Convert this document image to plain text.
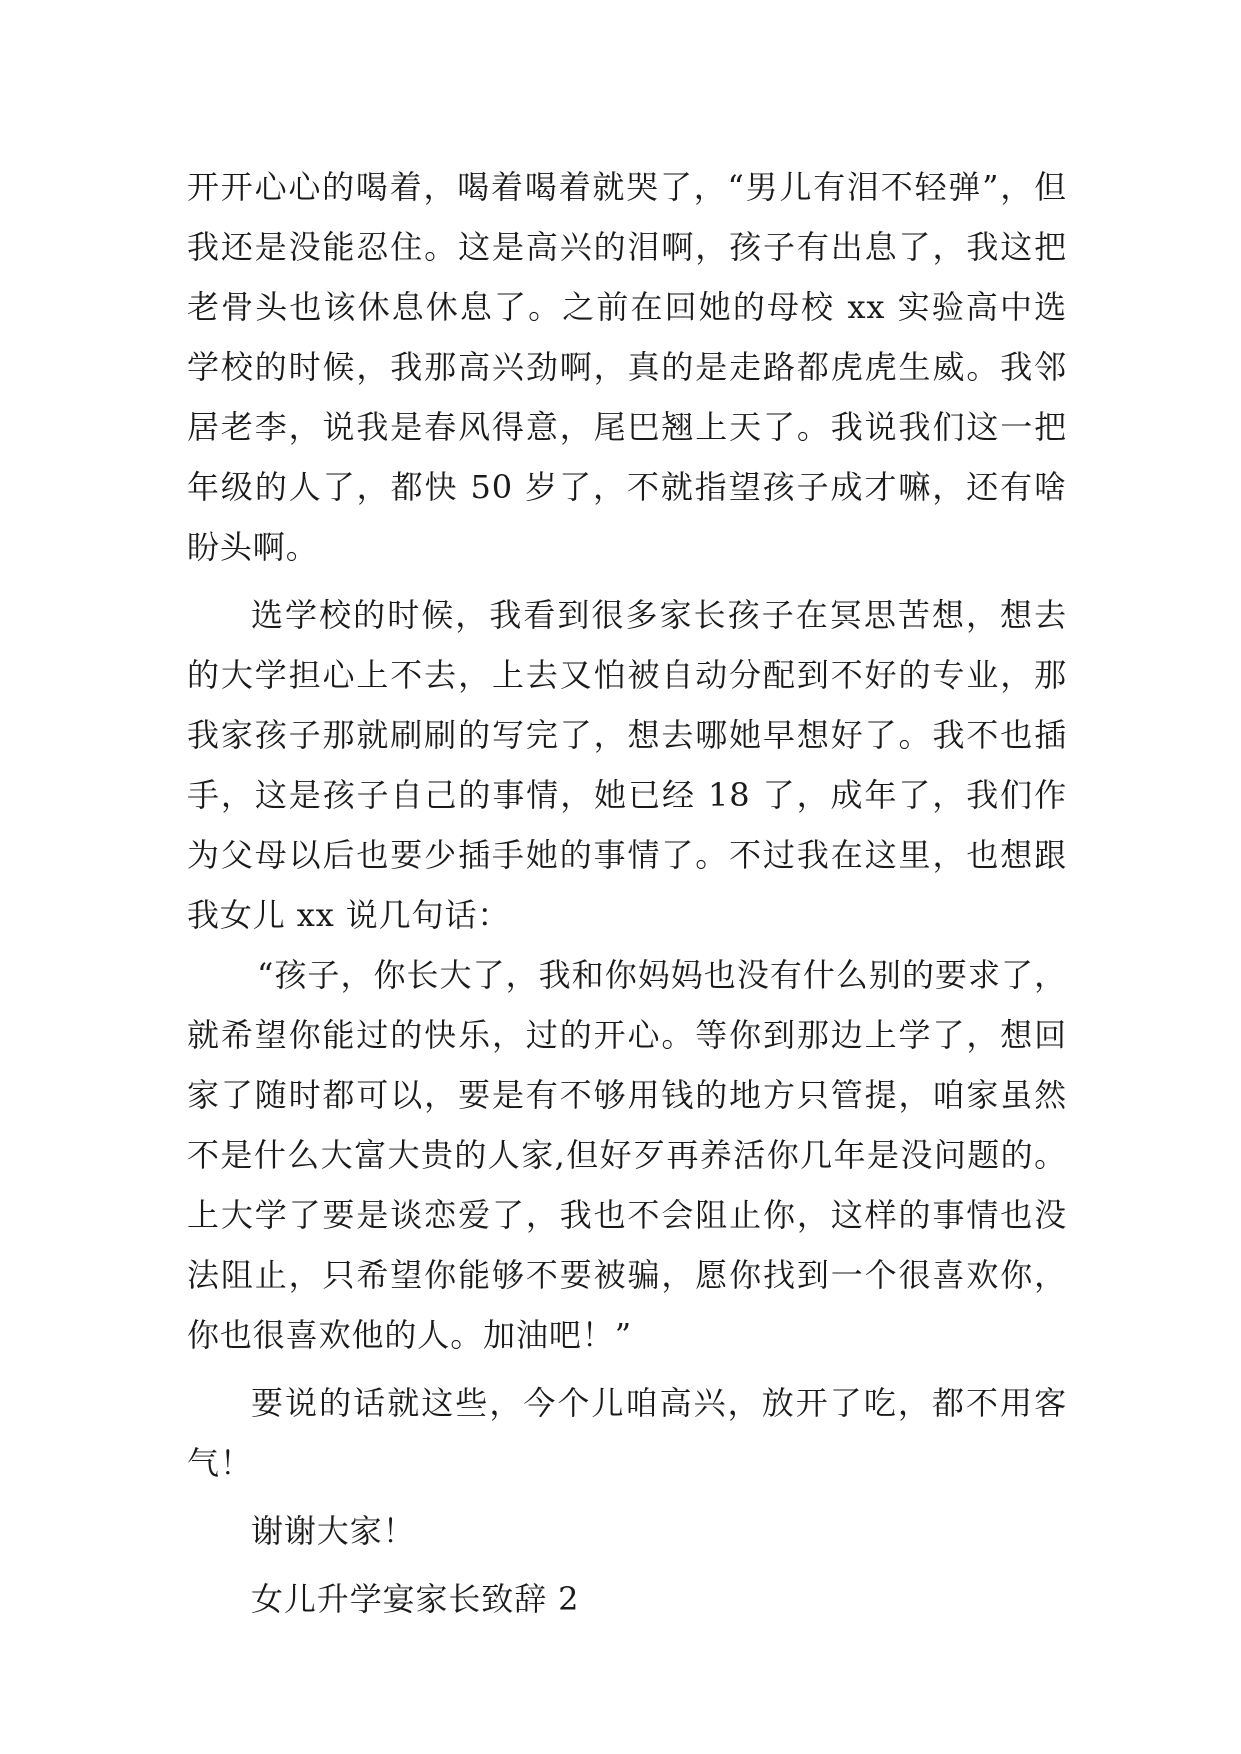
开开心心的喝着，喝着喝着就哭了，“男儿有泪不轻弹”，但
我还是没能忍住。这是高兴的泪啊，孩子有出息了，我这把
老骨头也该休息休息了。之前在回她的母校 xx 实验高中选
学校的时候，我那高兴劲啊，真的是走路都虎虎生威。我邻
居老李，说我是春风得意，尾巴翘上天了。我说我们这一把
年级的人了，都快 50 岁了，不就指望孩子成才嘛，还有啥
盼头啊。
选学校的时候，我看到很多家长孩子在冥思苦想，想去
的大学担心上不去，上去又怕被自动分配到不好的专业，那
我家孩子那就刷刷的写完了，想去哪她早想好了。我不也插
手，这是孩子自己的事情，她已经 18 了，成年了，我们作
为父母以后也要少插手她的事情了。不过我在这里，也想跟
我女儿 xx 说几句话：
“孩子，你长大了，我和你妈妈也没有什么别的要求了，
就希望你能过的快乐，过的开心。等你到那边上学了，想回
家了随时都可以，要是有不够用钱的地方只管提，咱家虽然
不是什么大富大贵的人家,但好歹再养活你几年是没问题的。
上大学了要是谈恋爱了，我也不会阻止你，这样的事情也没
法阻止，只希望你能够不要被骗，愿你找到一个很喜欢你，
你也很喜欢他的人。加油吧！”
要说的话就这些，今个儿咱高兴，放开了吃，都不用客
气！
谢谢大家！
女儿升学宴家长致辞 2
